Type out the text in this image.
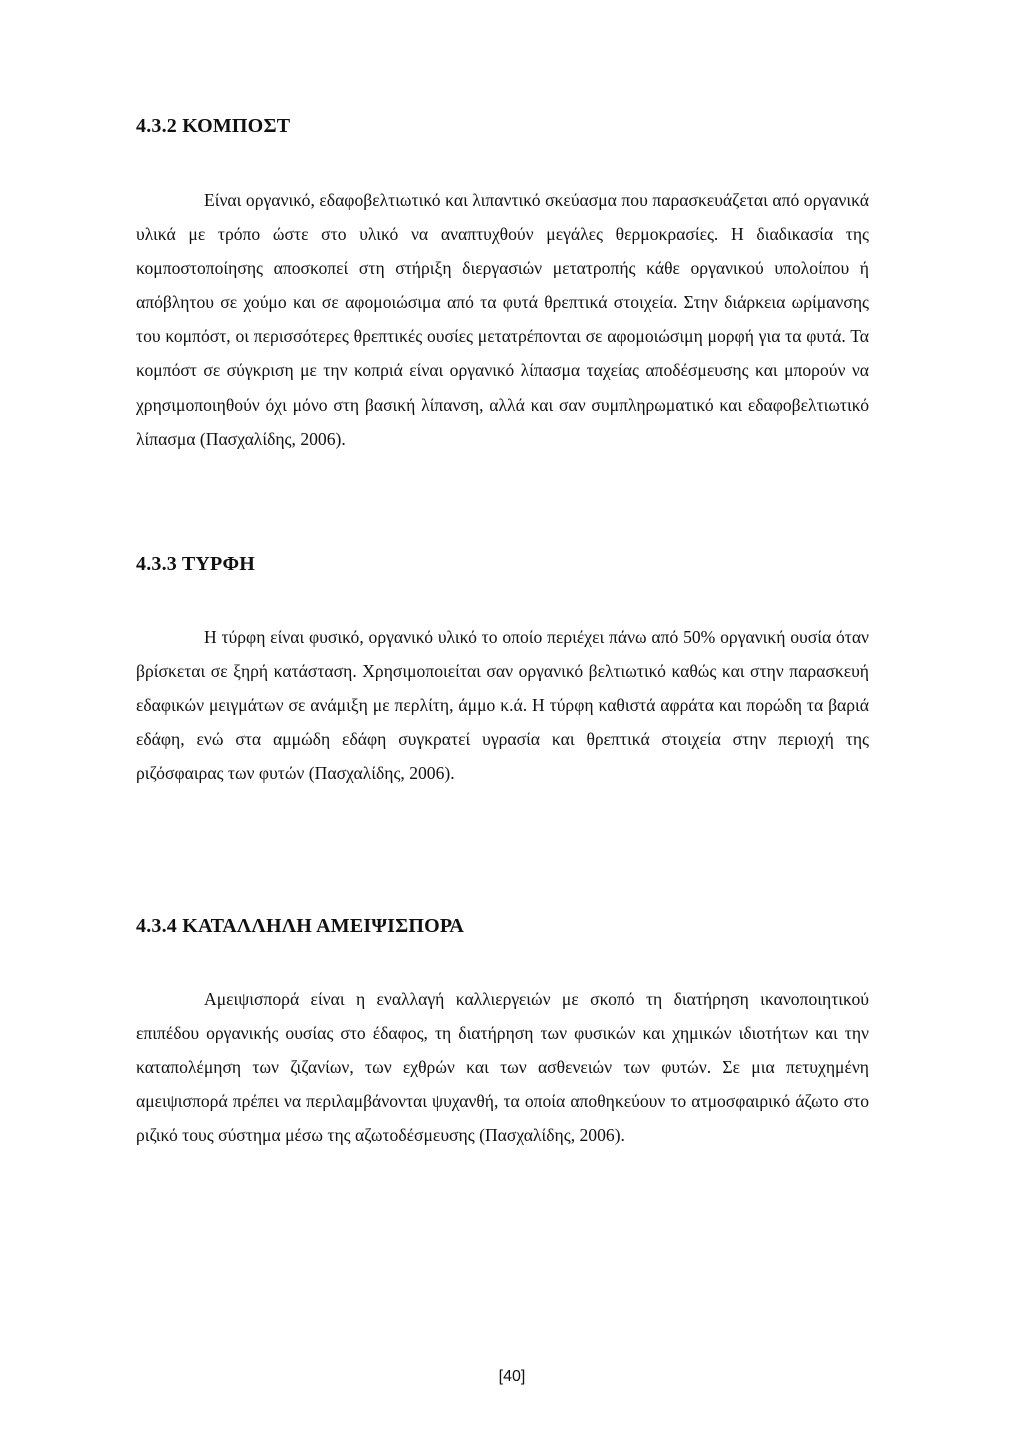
4.3.2 ΚΟΜΠΟΣΤ

Είναι οργανικό, εδαφοβελτιωτικό και λιπαντικό σκεύασμα που παρασκευάζεται από οργανικά υλικά με τρόπο ώστε στο υλικό να αναπτυχθούν μεγάλες θερμοκρασίες. Η διαδικασία της κομποστοποίησης αποσκοπεί στη στήριξη διεργασιών μετατροπής κάθε οργανικού υπολοίπου ή απόβλητου σε χούμο και σε αφομοιώσιμα από τα φυτά θρεπτικά στοιχεία. Στην διάρκεια ωρίμανσης του κομπόστ, οι περισσότερες θρεπτικές ουσίες μετατρέπονται σε αφομοιώσιμη μορφή για τα φυτά. Τα κομπόστ σε σύγκριση με την κοπριά είναι οργανικό λίπασμα ταχείας αποδέσμευσης και μπορούν να χρησιμοποιηθούν όχι μόνο στη βασική λίπανση, αλλά και σαν συμπληρωματικό και εδαφοβελτιωτικό λίπασμα (Πασχαλίδης, 2006).

4.3.3 ΤΥΡΦΗ

Η τύρφη είναι φυσικό, οργανικό υλικό το οποίο περιέχει πάνω από 50% οργανική ουσία όταν βρίσκεται σε ξηρή κατάσταση. Χρησιμοποιείται σαν οργανικό βελτιωτικό καθώς και στην παρασκευή εδαφικών μειγμάτων σε ανάμιξη με περλίτη, άμμο κ.ά. Η τύρφη καθιστά αφράτα και πορώδη τα βαριά εδάφη, ενώ στα αμμώδη εδάφη συγκρατεί υγρασία και θρεπτικά στοιχεία στην περιοχή της ριζόσφαιρας των φυτών (Πασχαλίδης, 2006).

4.3.4 ΚΑΤΑΛΛΗΛΗ ΑΜΕΙΨΙΣΠΟΡΑ

Αμειψισπορά είναι η εναλλαγή καλλιεργειών με σκοπό τη διατήρηση ικανοποιητικού επιπέδου οργανικής ουσίας στο έδαφος, τη διατήρηση των φυσικών και χημικών ιδιοτήτων και την καταπολέμηση των ζιζανίων, των εχθρών και των ασθενειών των φυτών. Σε μια πετυχημένη αμειψισπορά πρέπει να περιλαμβάνονται ψυχανθή, τα οποία αποθηκεύουν το ατμοσφαιρικό άζωτο στο ριζικό τους σύστημα μέσω της αζωτοδέσμευσης (Πασχαλίδης, 2006).

[40]
